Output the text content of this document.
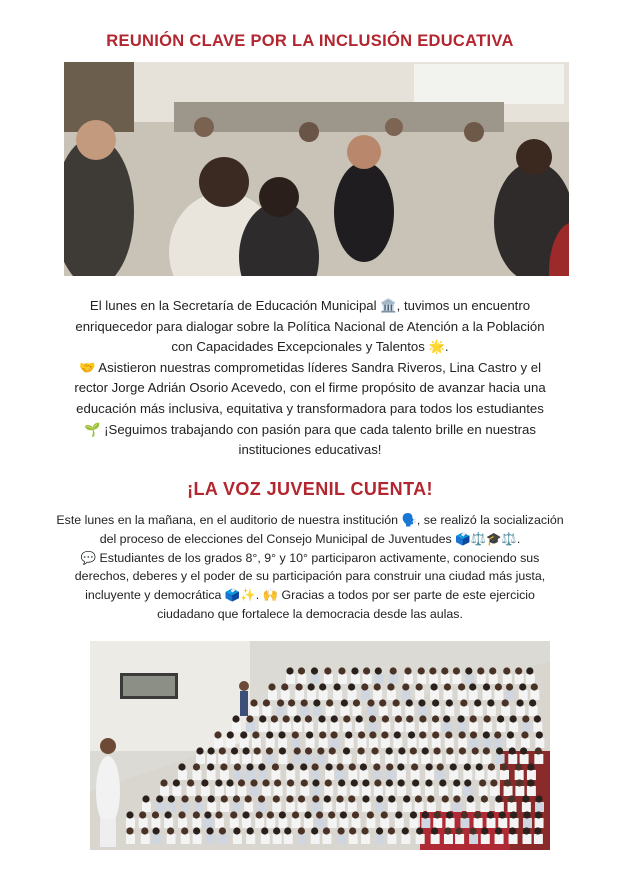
REUNIÓN CLAVE POR LA INCLUSIÓN EDUCATIVA
El lunes en la Secretaría de Educación Municipal 🏛️, tuvimos un encuentro
enriquecedor para dialogar sobre la Política Nacional de Atención a la Población
con Capacidades Excepcionales y Talentos 🌟.
🤝 Asistieron nuestras comprometidas líderes Sandra Riveros, Lina Castro y el
rector Jorge Adrián Osorio Acevedo, con el firme propósito de avanzar hacia una
educación más inclusiva, equitativa y transformadora para todos los estudiantes
🌱 ¡Seguimos trabajando con pasión para que cada talento brille en nuestras
instituciones educativas!
¡LA VOZ JUVENIL CUENTA!
Este lunes en la mañana, en el auditorio de nuestra institución 🗣️, se realizó la socialización
del proceso de elecciones del Consejo Municipal de Juventudes 🗳️⚖️🎓⚖️.
💬 Estudiantes de los grados 8°, 9° y 10° participaron activamente, conociendo sus
derechos, deberes y el poder de su participación para construir una ciudad más justa,
incluyente y democrática 🗳️✨. 🙌 Gracias a todos por ser parte de este ejercicio
ciudadano que fortalece la democracia desde las aulas.
